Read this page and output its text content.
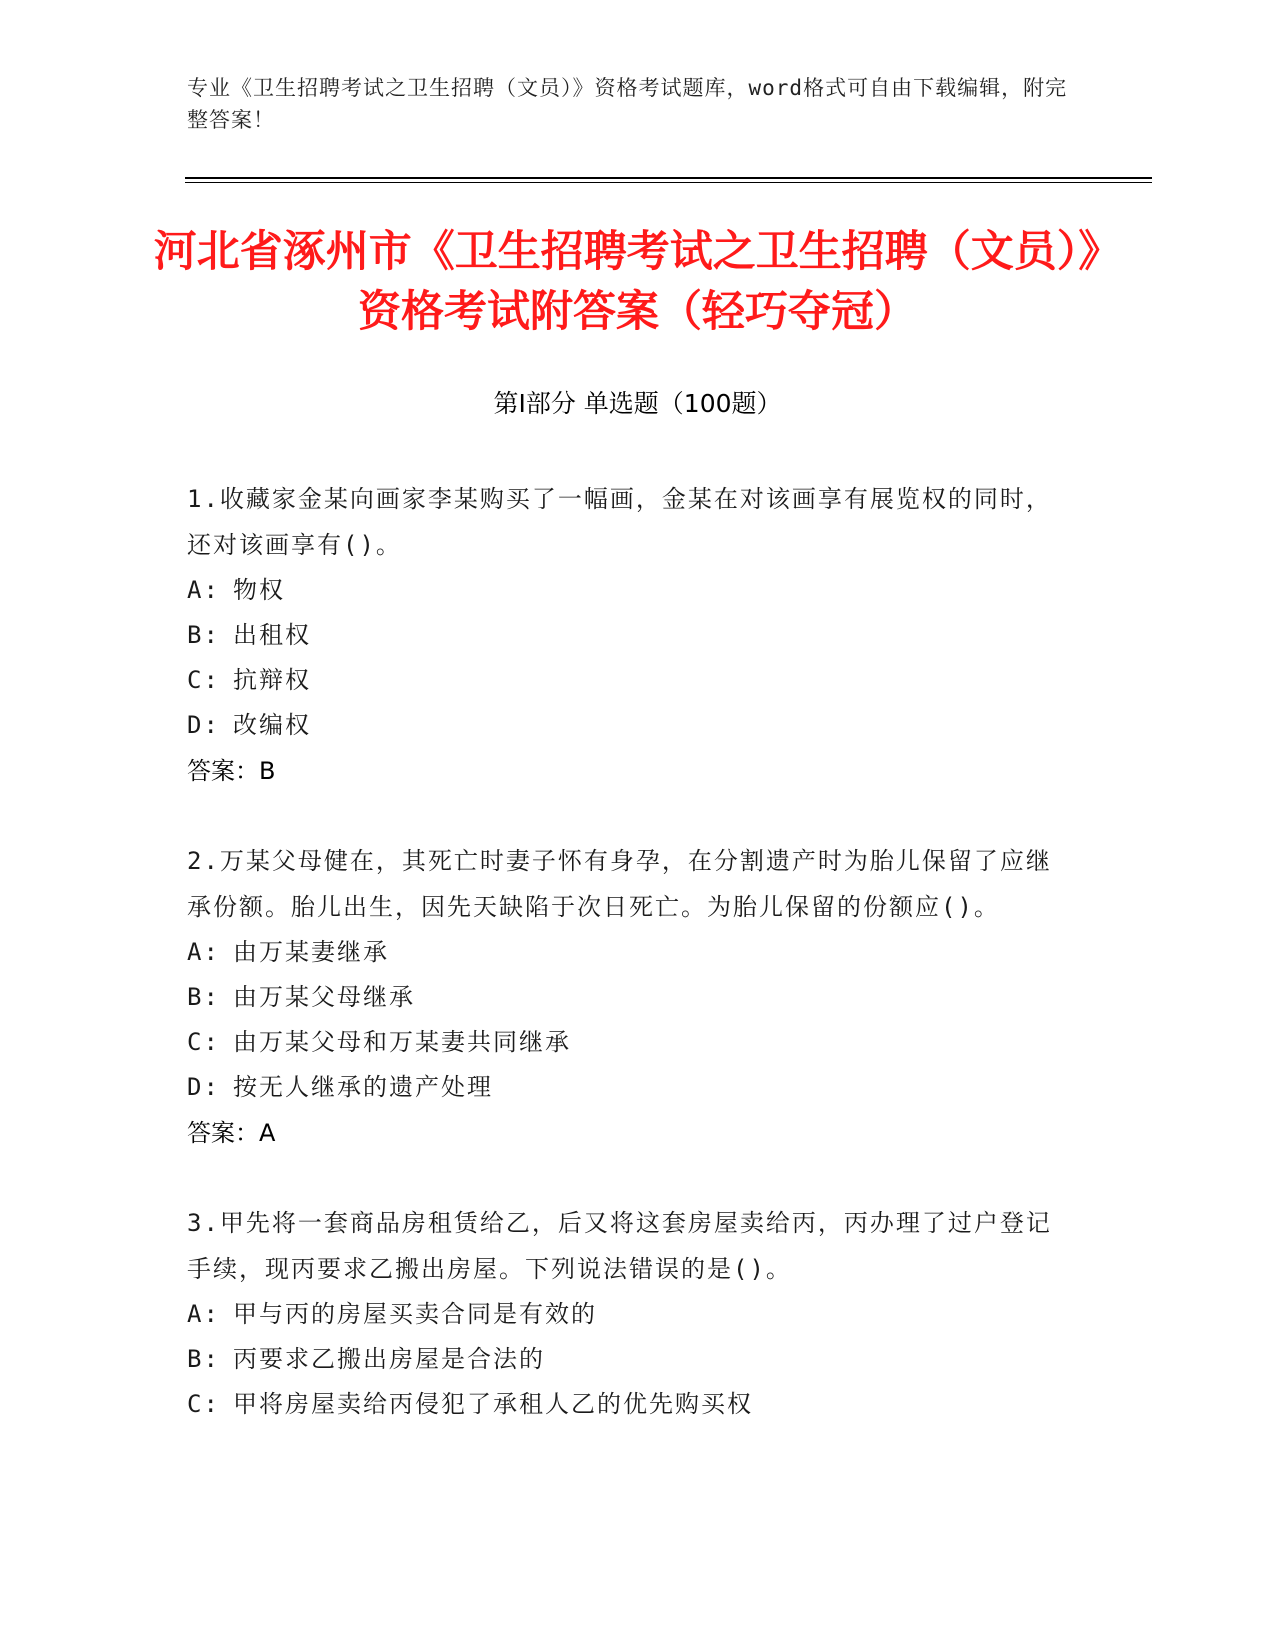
专业《卫生招聘考试之卫生招聘（文员）》资格考试题库，word格式可自由下载编辑，附完整答案！
河北省涿州市《卫生招聘考试之卫生招聘（文员）》资格考试附答案（轻巧夺冠）
第Ⅰ部分 单选题（100题）
1.收藏家金某向画家李某购买了一幅画，金某在对该画享有展览权的同时，还对该画享有()。
A: 物权
B: 出租权
C: 抗辩权
D: 改编权
答案：B
2.万某父母健在，其死亡时妻子怀有身孕，在分割遗产时为胎儿保留了应继承份额。胎儿出生，因先天缺陷于次日死亡。为胎儿保留的份额应()。
A: 由万某妻继承
B: 由万某父母继承
C: 由万某父母和万某妻共同继承
D: 按无人继承的遗产处理
答案：A
3.甲先将一套商品房租赁给乙，后又将这套房屋卖给丙，丙办理了过户登记手续，现丙要求乙搬出房屋。下列说法错误的是()。
A: 甲与丙的房屋买卖合同是有效的
B: 丙要求乙搬出房屋是合法的
C: 甲将房屋卖给丙侵犯了承租人乙的优先购买权
